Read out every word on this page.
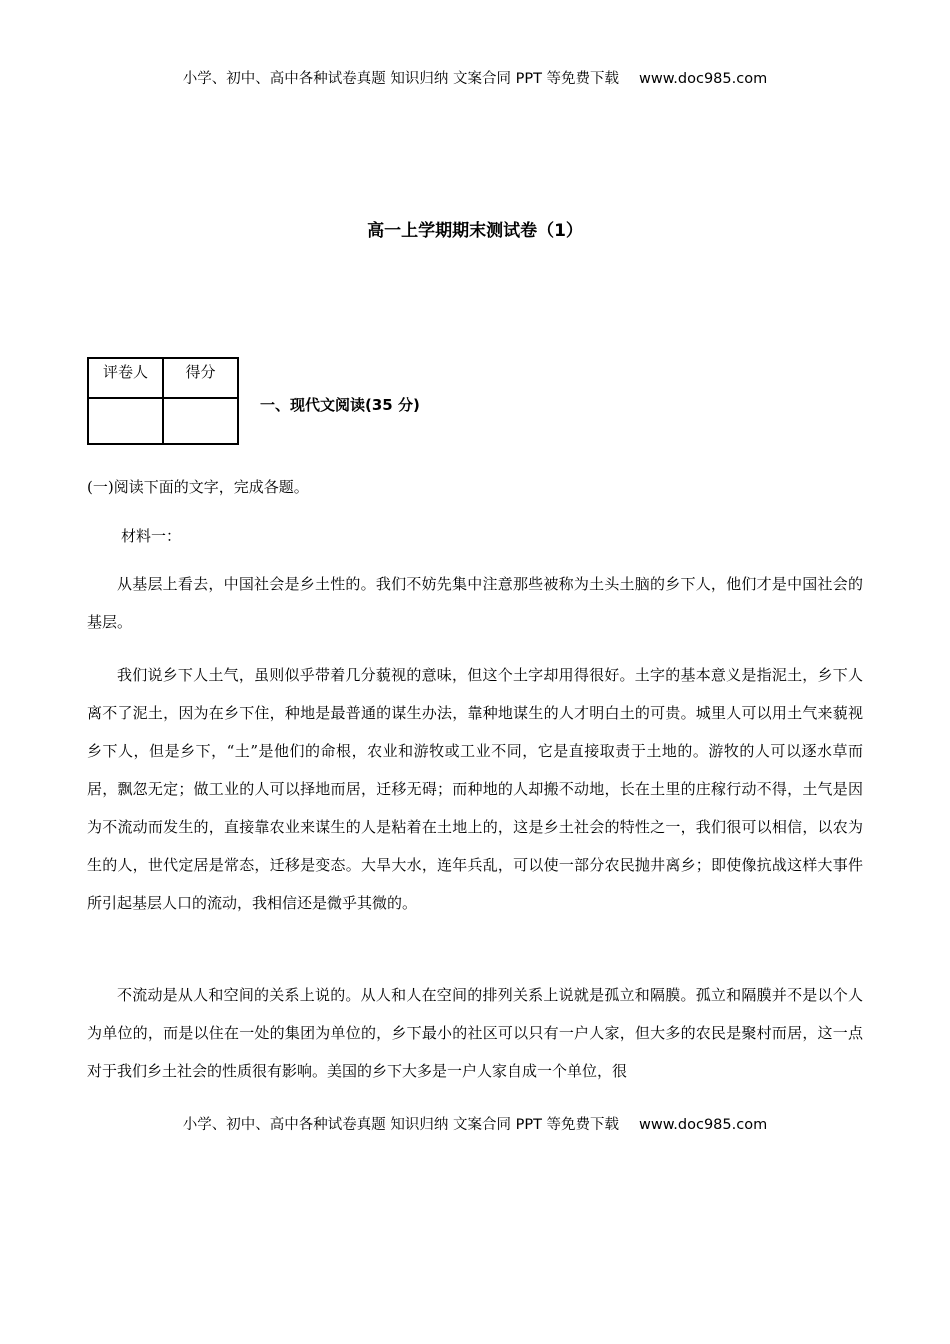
小学、初中、高中各种试卷真题 知识归纳 文案合同 PPT 等免费下载 www.doc985.com
高一上学期期末测试卷（1）
评卷人	得分

一、现代文阅读(35 分)
(一)阅读下面的文字，完成各题。
材料一：

从基层上看去，中国社会是乡土性的。我们不妨先集中注意那些被称为土头土脑的乡下人，他们才是中国社会的基层。

我们说乡下人土气，虽则似乎带着几分藐视的意味，但这个土字却用得很好。土字的基本意义是指泥土，乡下人离不了泥土，因为在乡下住，种地是最普通的谋生办法，靠种地谋生的人才明白土的可贵。城里人可以用土气来藐视乡下人，但是乡下，“土”是他们的命根，农业和游牧或工业不同，它是直接取责于土地的。游牧的人可以逐水草而居，飘忽无定；做工业的人可以择地而居，迁移无碍；而种地的人却搬不动地，长在土里的庄稼行动不得，土气是因为不流动而发生的，直接靠农业来谋生的人是粘着在土地上的，这是乡土社会的特性之一，我们很可以相信，以农为生的人，世代定居是常态，迁移是变态。大旱大水，连年兵乱，可以使一部分农民抛井离乡；即使像抗战这样大事件所引起基层人口的流动，我相信还是微乎其微的。

不流动是从人和空间的关系上说的。从人和人在空间的排列关系上说就是孤立和隔膜。孤立和隔膜并不是以个人为单位的，而是以住在一处的集团为单位的，乡下最小的社区可以只有一户人家，但大多的农民是聚村而居，这一点对于我们乡土社会的性质很有影响。美国的乡下大多是一户人家自成一个单位，很

小学、初中、高中各种试卷真题 知识归纳 文案合同 PPT 等免费下载 www.doc985.com
